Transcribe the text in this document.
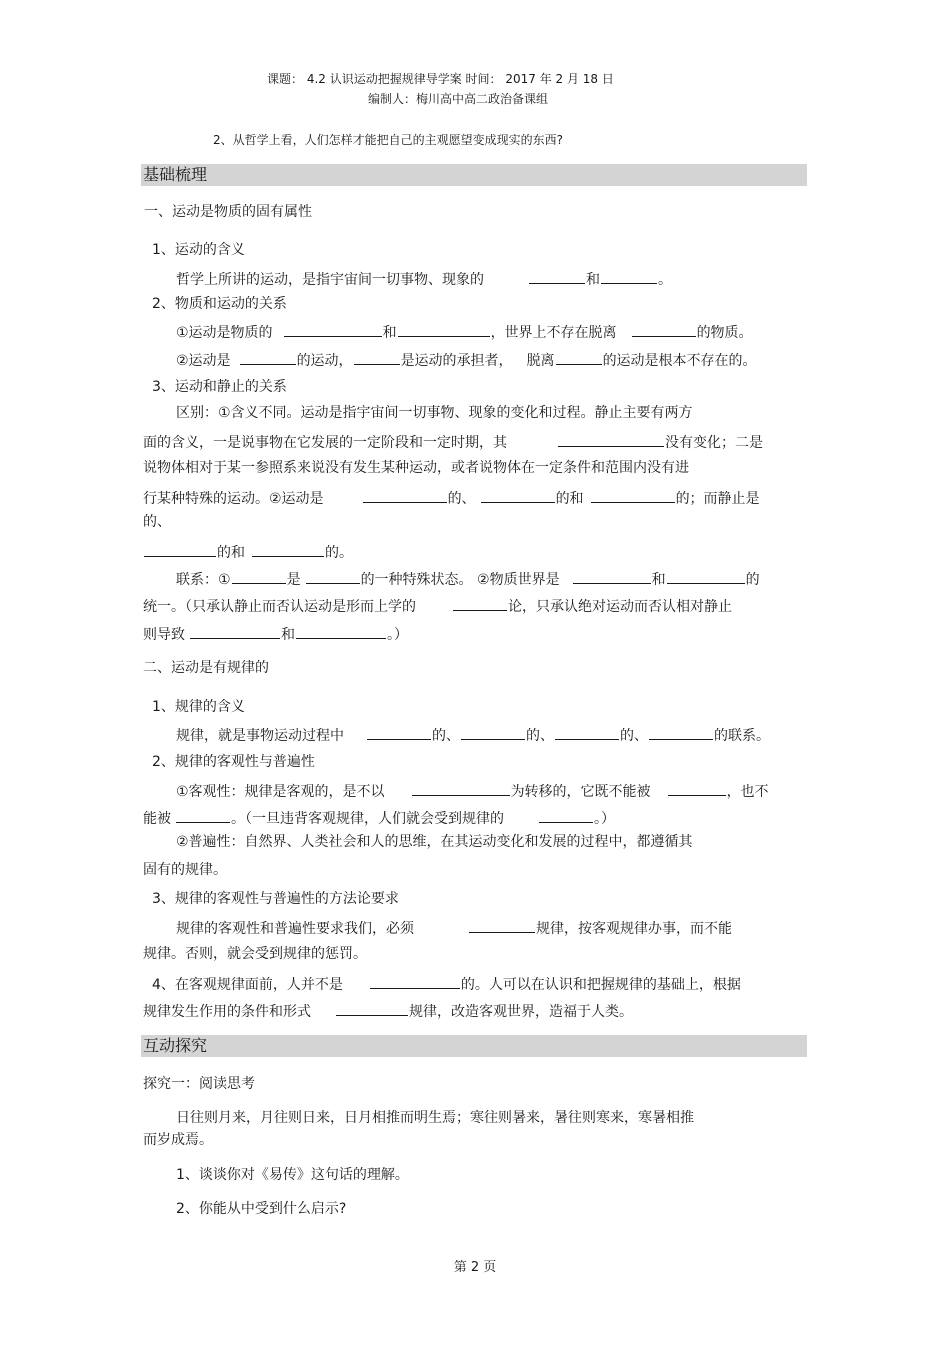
课题： 4.2 认识运动把握规律导学案 时间： 2017 年 2 月 18 日
编制人：梅川高中高二政治备课组
2、从哲学上看，人们怎样才能把自己的主观愿望变成现实的东西?
基础梳理
一、运动是物质的固有属性
1、运动的含义
哲学上所讲的运动，是指宇宙间一切事物、现象的	和	。
2、物质和运动的关系
①运动是物质的	和	，世界上不存在脱离	的物质。
②运动是	的运动，	是运动的承担者， 脱离	的运动是根本不存在的。
3、运动和静止的关系
区别：①含义不同。运动是指宇宙间一切事物、现象的变化和过程。静止主要有两方
面的含义，一是说事物在它发展的一定阶段和一定时期，其	没有变化；二是
说物体相对于某一参照系来说没有发生某种运动，或者说物体在一定条件和范围内没有进
行某种特殊的运动。②运动是	的、	的和	的；而静止是
的、
的和	的。
联系：①	是	的一种特殊状态。 ②物质世界是	和	的
统一。（只承认静止而否认运动是形而上学的	论，只承认绝对运动而否认相对静止
则导致	和	。）
二、运动是有规律的
1、规律的含义
规律，就是事物运动过程中	的、	的、	的、	的联系。
2、规律的客观性与普遍性
①客观性：规律是客观的，是不以	为转移的，它既不能被	，也不
能被	。（一旦违背客观规律，人们就会受到规律的	。）
②普遍性：自然界、人类社会和人的思维，在其运动变化和发展的过程中，都遵循其
固有的规律。
3、规律的客观性与普遍性的方法论要求
规律的客观性和普遍性要求我们，必须	规律，按客观规律办事，而不能
规律。否则，就会受到规律的惩罚。
4、在客观规律面前，人并不是	的。人可以在认识和把握规律的基础上，根据
规律发生作用的条件和形式	规律，改造客观世界，造福于人类。
互动探究
探究一：阅读思考
日往则月来，月往则日来，日月相推而明生焉；寒往则暑来，暑往则寒来，寒暑相推
而岁成焉。
1、谈谈你对《易传》这句话的理解。
2、你能从中受到什么启示?
第 2 页
